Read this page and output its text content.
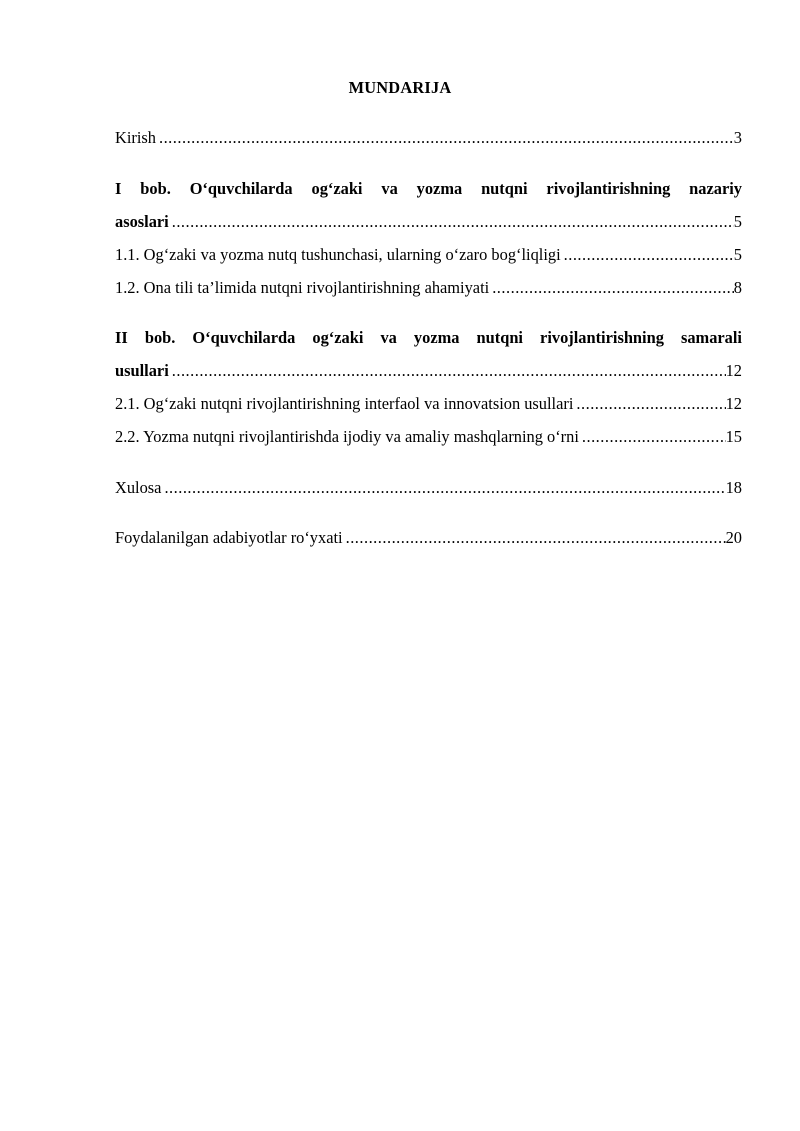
MUNDARIJA
Kirish .....	3
I bob. O‘quvchilarda og‘zaki va yozma nutqni rivojlantirishning nazariy
asoslari .....	5
1.1. Og‘zaki va yozma nutq tushunchasi, ularning o‘zaro bog‘liqligi .....	5
1.2. Ona tili ta’limida nutqni rivojlantirishning ahamiyati .....	8
II bob. O‘quvchilarda og‘zaki va yozma nutqni rivojlantirishning samarali
usullari .....	12
2.1. Og‘zaki nutqni rivojlantirishning interfaol va innovatsion usullari .....	12
2.2. Yozma nutqni rivojlantirishda ijodiy va amaliy mashqlarning o‘rni .....	15
Xulosa .....	18
Foydalanilgan adabiyotlar ro‘yxati .....	20
